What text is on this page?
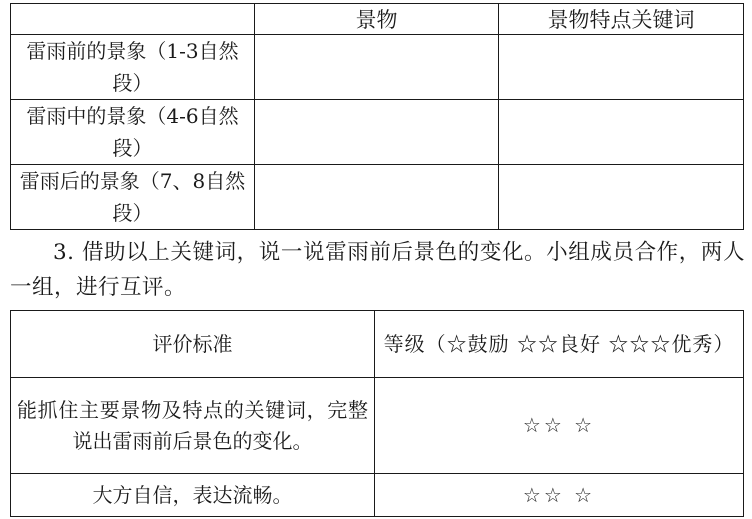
	景物	景物特点关键词
雷雨前的景象（1-3自然段）		
雷雨中的景象（4-6自然段）		
雷雨后的景象（7、8自然段）		

3. 借助以上关键词，说一说雷雨前后景色的变化。小组成员合作，两人一组，进行互评。

评价标准	等级（☆鼓励 ☆☆良好 ☆☆☆优秀）
能抓住主要景物及特点的关键词，完整说出雷雨前后景色的变化。	☆☆ ☆
大方自信，表达流畅。	☆☆ ☆
